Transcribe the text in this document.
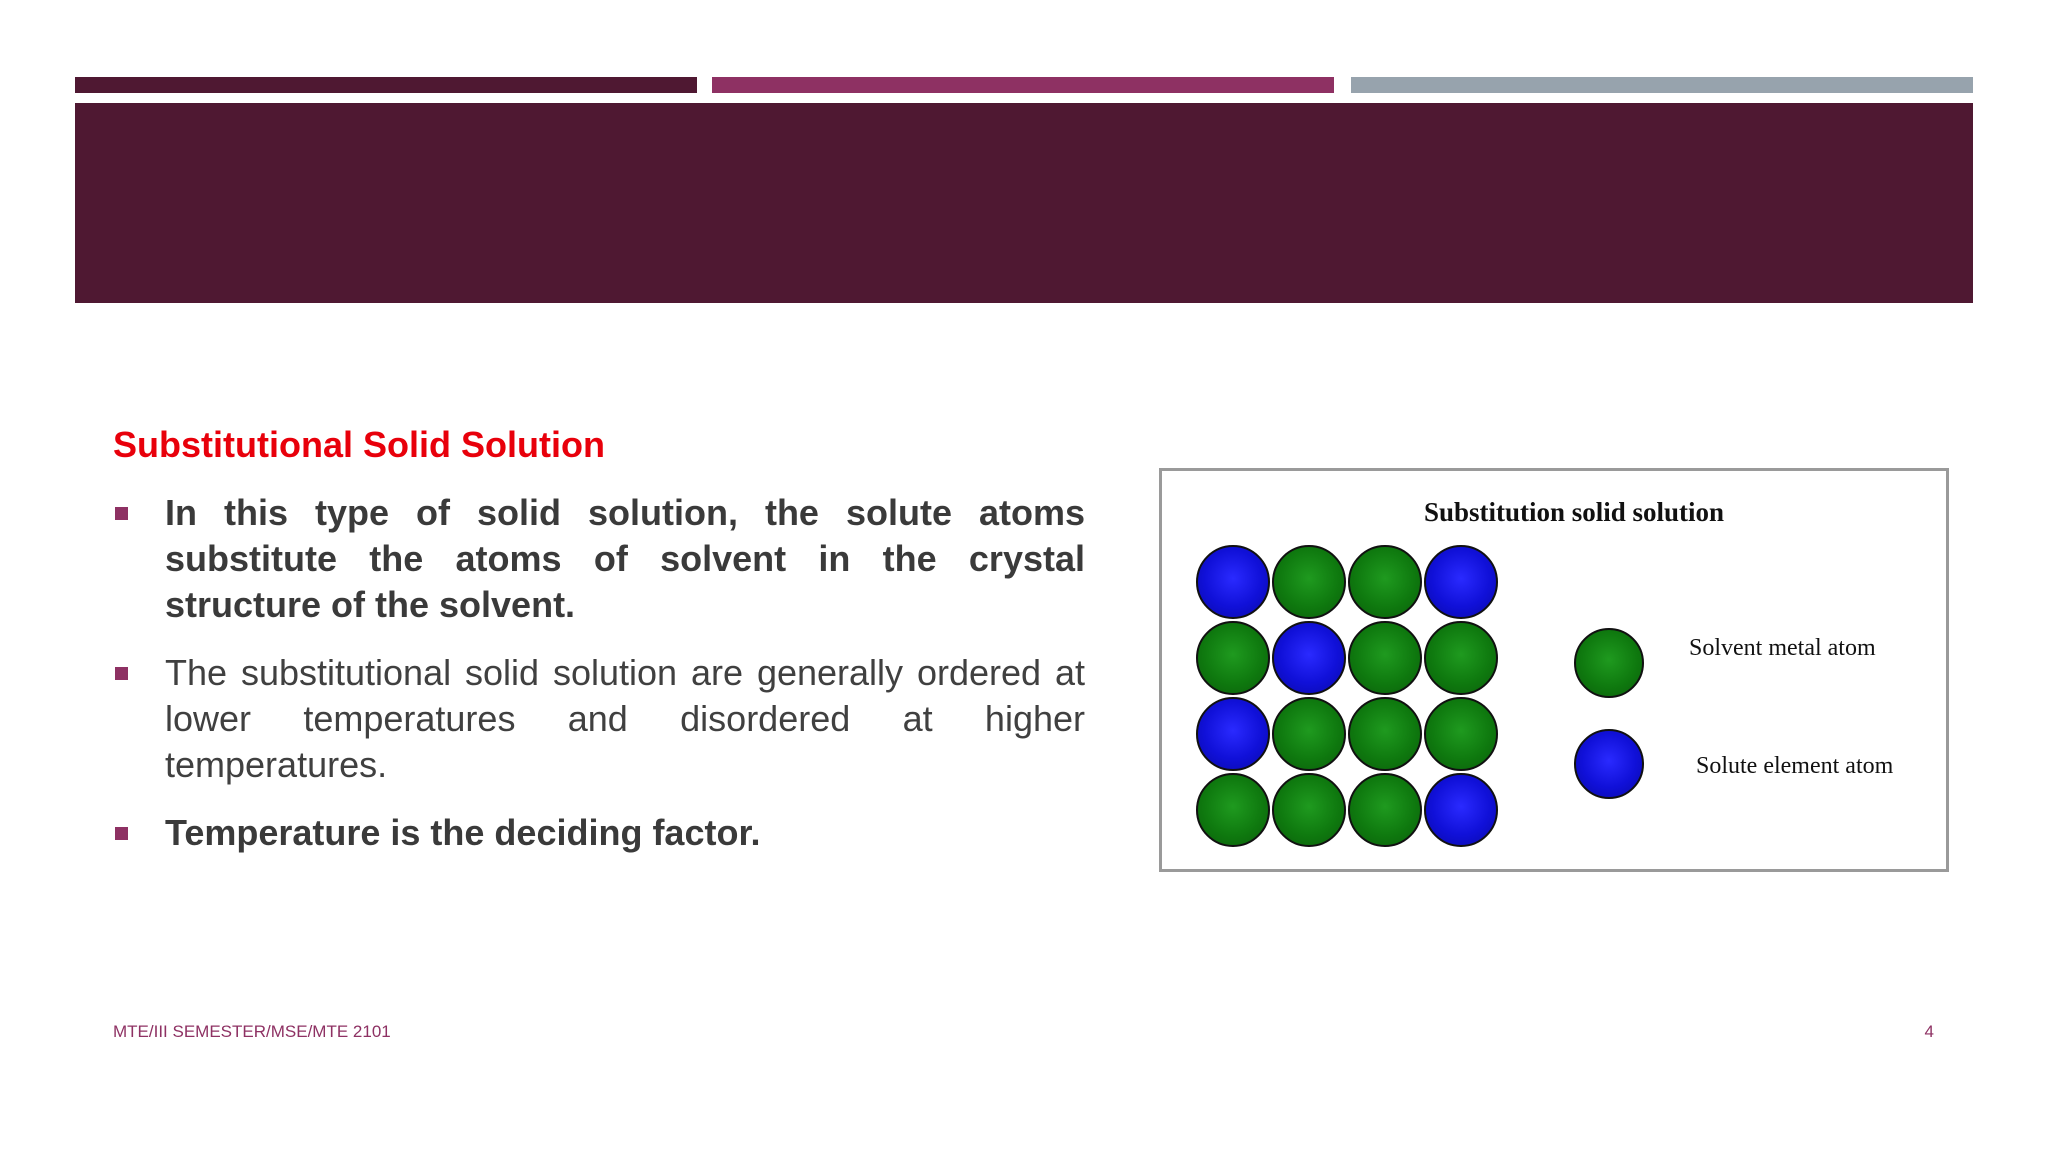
Substitutional Solid Solution
In this type of solid solution, the solute atoms substitute the atoms of solvent in the crystal structure of the solvent.
The substitutional solid solution are generally ordered at lower temperatures and disordered at higher temperatures.
Temperature is the deciding factor.
Substitution solid solution
Solvent metal atom
Solute element atom
MTE/III SEMESTER/MSE/MTE 2101	4
